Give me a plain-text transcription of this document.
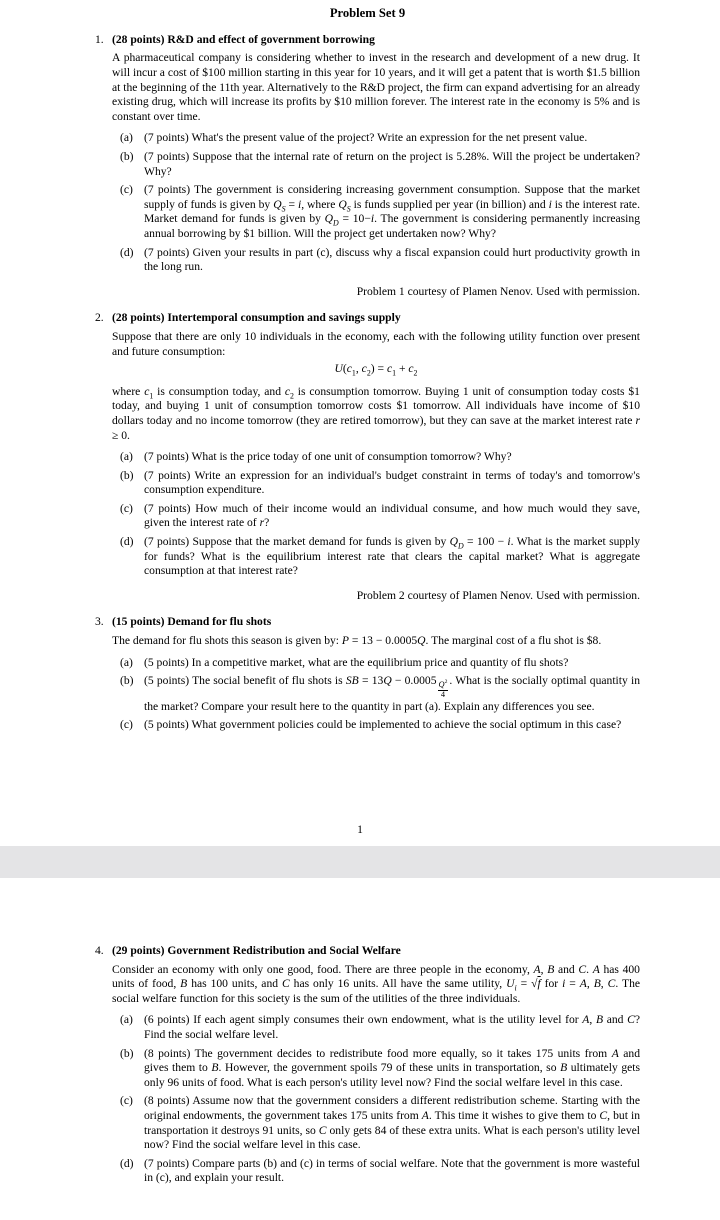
Problem Set 9
1. (28 points) R&D and effect of government borrowing

A pharmaceutical company is considering whether to invest in the research and development of a new drug. It will incur a cost of $100 million starting in this year for 10 years, and it will get a patent that is worth $1.5 billion at the beginning of the 11th year. Alternatively to the R&D project, the firm can expand advertising for an already existing drug, which will increase its profits by $10 million forever. The interest rate in the economy is 5% and is constant over time.

(a) (7 points) What's the present value of the project? Write an expression for the net present value.
(b) (7 points) Suppose that the internal rate of return on the project is 5.28%. Will the project be undertaken? Why?
(c) (7 points) The government is considering increasing government consumption. Suppose that the market supply of funds is given by $Q_S = i$, where $Q_S$ is funds supplied per year (in billion) and i is the interest rate. Market demand for funds is given by $Q_D = 10-i$. The government is considering permanently increasing annual borrowing by $1 billion. Will the project get undertaken now? Why?
(d) (7 points) Given your results in part (c), discuss why a fiscal expansion could hurt productivity growth in the long run.
Problem 1 courtesy of Plamen Nenov. Used with permission.
2. (28 points) Intertemporal consumption and savings supply

Suppose that there are only 10 individuals in the economy, each with the following utility function over present and future consumption:

$U(c_1$, $c_2) = c_1 + c_2$

where $c_1$ is consumption today, and $c_2$ is consumption tomorrow. Buying 1 unit of consumption today costs $1 today, and buying 1 unit of consumption tomorrow costs $1 tomorrow. All individuals have income of $10 dollars today and no income tomorrow (they are retired tomorrow), but they can save at the market interest rate r ≥ 0.

(a) (7 points) What is the price today of one unit of consumption tomorrow? Why?
(b) (7 points) Write an expression for an individual's budget constraint in terms of today's and tomorrow's consumption expenditure.
(c) (7 points) How much of their income would an individual consume, and how much would they save, given the interest rate of r?
(d) (7 points) Suppose that the market demand for funds is given by $Q_D = 100 - i$. What is the market supply for funds? What is the equilibrium interest rate that clears the capital market? What is aggregate consumption at that interest rate?
Problem 2 courtesy of Plamen Nenov. Used with permission.
3. (15 points) Demand for flu shots

The demand for flu shots this season is given by: P = 13 − 0.0005Q. The marginal cost of a flu shot is $8.

(a) (5 points) In a competitive market, what are the equilibrium price and quantity of flu shots?
(b) (5 points) The social benefit of flu shots is SB = 13Q − 0.0005
$\frac{Q^2}{4}$
. What is the socially optimal quantity in the market? Compare your result here to the quantity in part (a). Explain any differences you see.
(c) (5 points) What government policies could be implemented to achieve the social optimum in this case?
1
4. (29 points) Government Redistribution and Social Welfare

Consider an economy with only one good, food. There are three people in the economy, A, B and C. A has 400 units of food, B has 100 units, and C has only 16 units. All have the same utility, $U_i = √f$ for i = A, B, C. The social welfare function for this society is the sum of the utilities of the three individuals.

(a) (6 points) If each agent simply consumes their own endowment, what is the utility level for A, B and C? Find the social welfare level.
(b) (8 points) The government decides to redistribute food more equally, so it takes 175 units from A and gives them to B. However, the government spoils 79 of these units in transportation, so B ultimately gets only 96 units of food. What is each person's utility level now? Find the social welfare level in this case.
(c) (8 points) Assume now that the government considers a different redistribution scheme. Starting with the original endowments, the government takes 175 units from A. This time it wishes to give them to C, but in transportation it destroys 91 units, so C only gets 84 of these extra units. What is each person's utility level now? Find the social welfare level in this case.
(d) (7 points) Compare parts (b) and (c) in terms of social welfare. Note that the government is more wasteful in (c), and explain your result.
